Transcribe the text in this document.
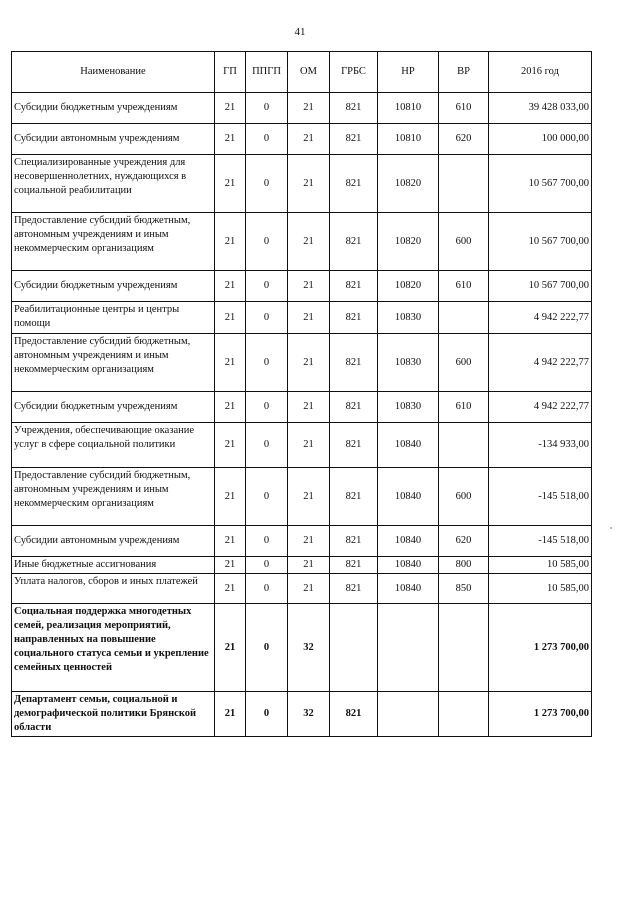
41
Наименование	ГП	ППГП	ОМ	ГРБС	НР	ВР	2016 год
Субсидии бюджетным учреждениям	21	0	21	821	10810	610	39 428 033,00
Субсидии автономным учреждениям	21	0	21	821	10810	620	100 000,00
Специализированные учреждения для несовершеннолетних, нуждающихся в социальной реабилитации	21	0	21	821	10820		10 567 700,00
Предоставление субсидий бюджетным, автономным учреждениям и иным некоммерческим организациям	21	0	21	821	10820	600	10 567 700,00
Субсидии бюджетным учреждениям	21	0	21	821	10820	610	10 567 700,00
Реабилитационные центры и центры помощи	21	0	21	821	10830		4 942 222,77
Предоставление субсидий бюджетным, автономным учреждениям и иным некоммерческим организациям	21	0	21	821	10830	600	4 942 222,77
Субсидии бюджетным учреждениям	21	0	21	821	10830	610	4 942 222,77
Учреждения, обеспечивающие оказание услуг в сфере социальной политики	21	0	21	821	10840		-134 933,00
Предоставление субсидий бюджетным, автономным учреждениям и иным некоммерческим организациям	21	0	21	821	10840	600	-145 518,00
Субсидии автономным учреждениям	21	0	21	821	10840	620	-145 518,00
Иные бюджетные ассигнования	21	0	21	821	10840	800	10 585,00
Уплата налогов, сборов и иных платежей	21	0	21	821	10840	850	10 585,00
Социальная поддержка многодетных семей, реализация мероприятий, направленных на повышение социального статуса семьи и укрепление семейных ценностей	21	0	32				1 273 700,00
Департамент семьи, социальной и демографической политики Брянской области	21	0	32	821			1 273 700,00
